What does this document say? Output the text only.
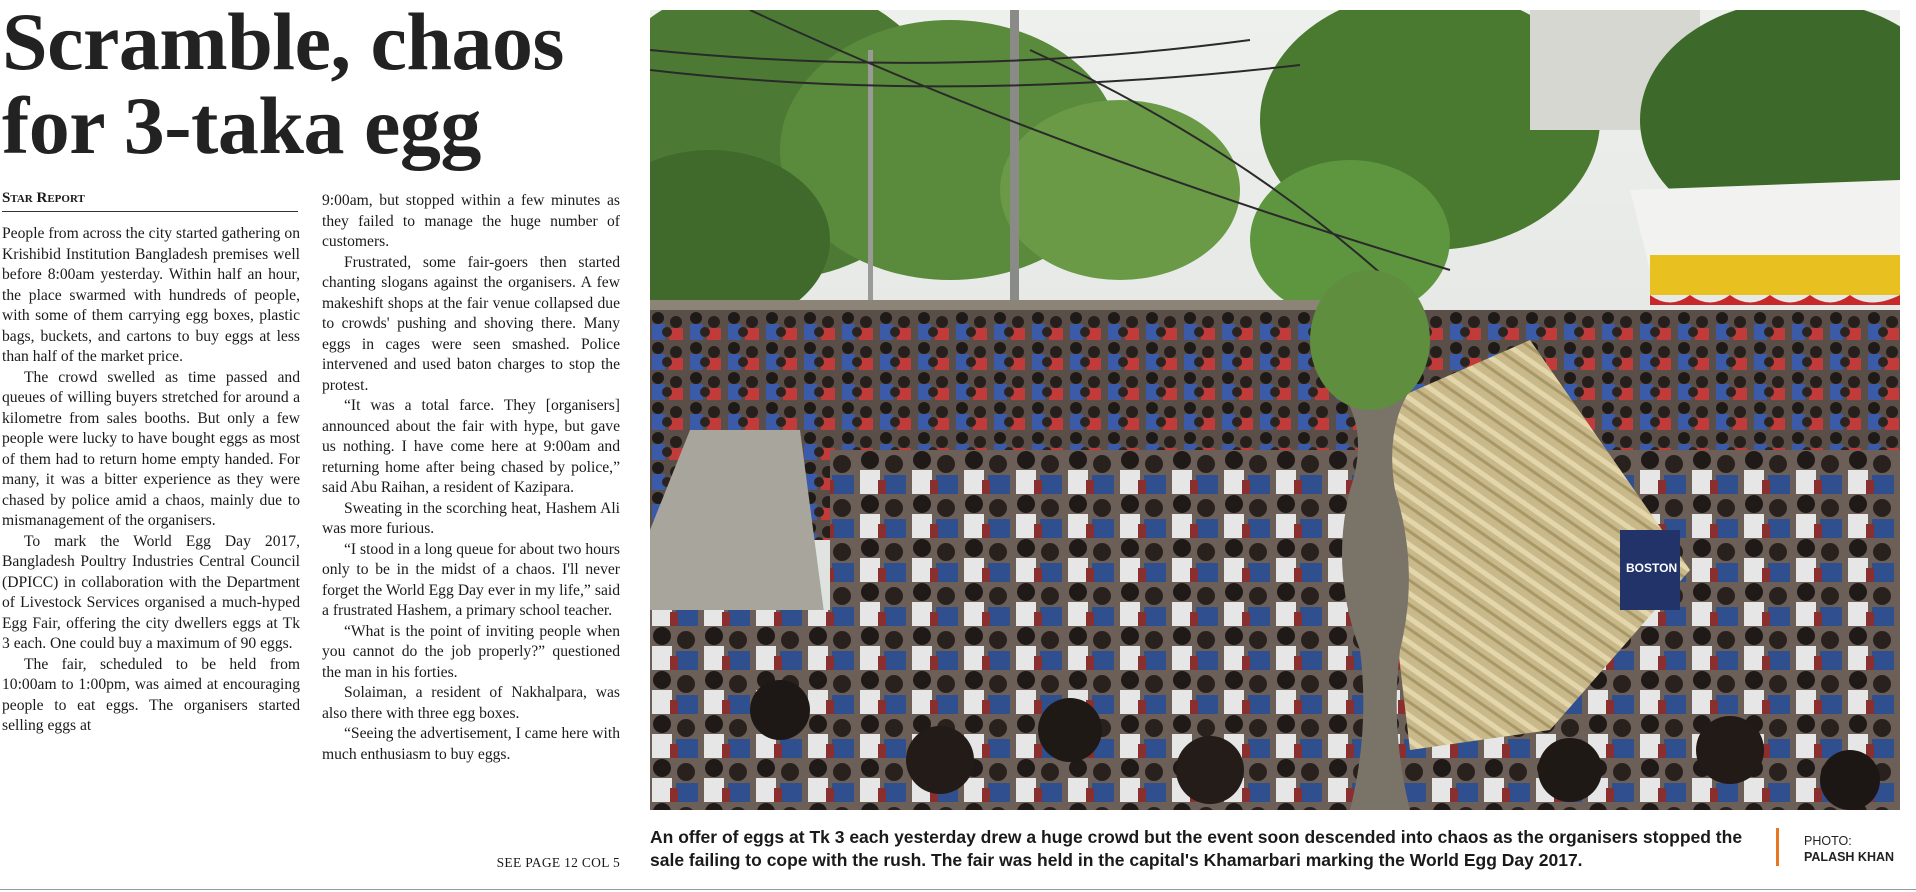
Scramble, chaos
for 3-taka egg
Star Report

People from across the city started gathering on Krishibid Institution Bangladesh premises well before 8:00am yesterday. Within half an hour, the place swarmed with hundreds of people, with some of them carrying egg boxes, plastic bags, buckets, and cartons to buy eggs at less than half of the market price.

The crowd swelled as time passed and queues of willing buyers stretched for around a kilometre from sales booths. But only a few people were lucky to have bought eggs as most of them had to return home empty handed. For many, it was a bitter experience as they were chased by police amid a chaos, mainly due to mismanagement of the organisers.

To mark the World Egg Day 2017, Bangladesh Poultry Industries Central Council (DPICC) in collaboration with the Department of Livestock Services organised a much-hyped Egg Fair, offering the city dwellers eggs at Tk 3 each. One could buy a maximum of 90 eggs.

The fair, scheduled to be held from 10:00am to 1:00pm, was aimed at encouraging people to eat eggs. The organisers started selling eggs at

9:00am, but stopped within a few minutes as they failed to manage the huge number of customers.

Frustrated, some fair-goers then started chanting slogans against the organisers. A few makeshift shops at the fair venue collapsed due to crowds' pushing and shoving there. Many eggs in cages were seen smashed. Police intervened and used baton charges to stop the protest.

“It was a total farce. They [organisers] announced about the fair with hype, but gave us nothing. I have come here at 9:00am and returning home after being chased by police,” said Abu Raihan, a resident of Kazipara.

Sweating in the scorching heat, Hashem Ali was more furious.

“I stood in a long queue for about two hours only to be in the midst of a chaos. I'll never forget the World Egg Day ever in my life,” said a frustrated Hashem, a primary school teacher.

“What is the point of inviting people when you cannot do the job properly?” questioned the man in his forties.

Solaiman, a resident of Nakhalpara, was also there with three egg boxes.

“Seeing the advertisement, I came here with much enthusiasm to buy eggs.

SEE PAGE 12 COL 5
BOSTON
An offer of eggs at Tk 3 each yesterday drew a huge crowd but the event soon descended into chaos as the organisers stopped the sale failing to cope with the rush. The fair was held in the capital's Khamarbari marking the World Egg Day 2017.
PHOTO:
PALASH KHAN
